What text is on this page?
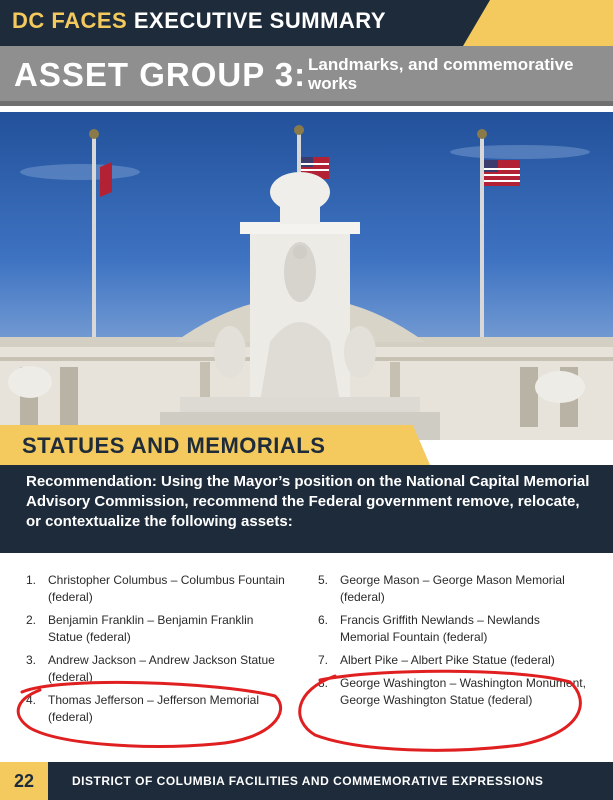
DC FACES EXECUTIVE SUMMARY
ASSET GROUP 3: Landmarks, and commemorative works
STATUES AND MEMORIALS
Recommendation: Using the Mayor’s position on the National Capital Memorial Advisory Commission, recommend the Federal government remove, relocate, or contextualize the following assets:
1. Christopher Columbus – Columbus Fountain (federal)
2. Benjamin Franklin – Benjamin Franklin Statue (federal)
3. Andrew Jackson – Andrew Jackson Statue (federal)
4. Thomas Jefferson – Jefferson Memorial (federal)
5. George Mason – George Mason Memorial (federal)
6. Francis Griffith Newlands – Newlands Memorial Fountain (federal)
7. Albert Pike – Albert Pike Statue (federal)
8. George Washington – Washington Monument, George Washington Statue (federal)
22	DISTRICT OF COLUMBIA FACILITIES AND COMMEMORATIVE EXPRESSIONS
